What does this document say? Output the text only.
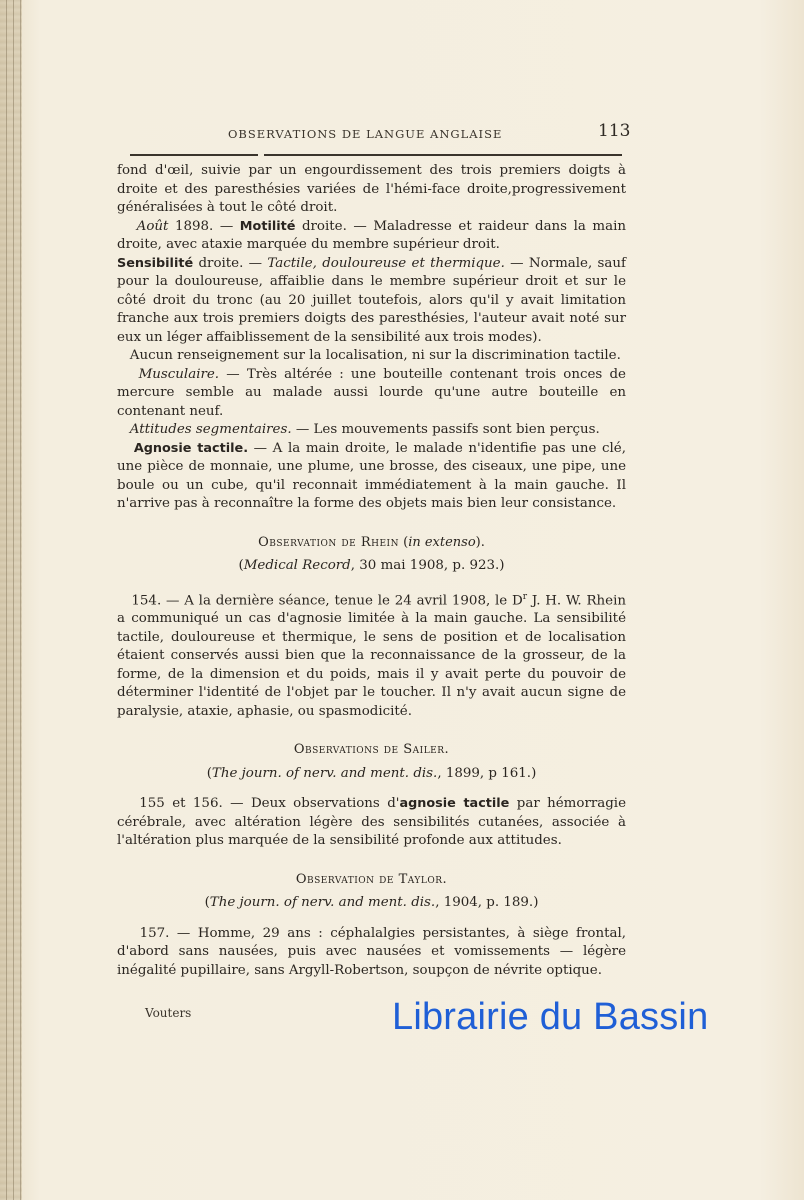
OBSERVATIONS DE LANGUE ANGLAISE	113

fond d'œil, suivie par un engourdissement des trois premiers doigts à droite et des paresthésies variées de l'hémi-face droite,progressivement généralisées à tout le côté droit.

Août 1898. — Motilité droite. — Maladresse et raideur dans la main droite, avec ataxie marquée du membre supérieur droit.

Sensibilité droite. — Tactile, douloureuse et thermique. — Normale, sauf pour la douloureuse, affaiblie dans le membre supérieur droit et sur le côté droit du tronc (au 20 juillet toutefois, alors qu'il y avait limitation franche aux trois premiers doigts des paresthésies, l'auteur avait noté sur eux un léger affaiblissement de la sensibilité aux trois modes).

Aucun renseignement sur la localisation, ni sur la discrimination tactile.

Musculaire. — Très altérée : une bouteille contenant trois onces de mercure semble au malade aussi lourde qu'une autre bouteille en contenant neuf.

Attitudes segmentaires. — Les mouvements passifs sont bien perçus.

Agnosie tactile. — A la main droite, le malade n'identifie pas une clé, une pièce de monnaie, une plume, une brosse, des ciseaux, une pipe, une boule ou un cube, qu'il reconnait immédiatement à la main gauche. Il n'arrive pas à reconnaître la forme des objets mais bien leur consistance.

Observation de Rhein (in extenso).

(Medical Record, 30 mai 1908, p. 923.)

154. — A la dernière séance, tenue le 24 avril 1908, le $D^r$ J. H. W. Rhein a communiqué un cas d'agnosie limitée à la main gauche. La sensibilité tactile, douloureuse et thermique, le sens de position et de localisation étaient conservés aussi bien que la reconnaissance de la grosseur, de la forme, de la dimension et du poids, mais il y avait perte du pouvoir de déterminer l'identité de l'objet par le toucher. Il n'y avait aucun signe de paralysie, ataxie, aphasie, ou spasmodicité.

Observations de Sailer.

(The journ. of nerv. and ment. dis., 1899, p 161.)

155 et 156. — Deux observations d'agnosie tactile par hémorragie cérébrale, avec altération légère des sensibilités cutanées, associée à l'altération plus marquée de la sensibilité profonde aux attitudes.

Observation de Taylor.

(The journ. of nerv. and ment. dis., 1904, p. 189.)

157. — Homme, 29 ans : céphalalgies persistantes, à siège frontal, d'abord sans nausées, puis avec nausées et vomissements — légère inégalité pupillaire, sans Argyll-Robertson, soupçon de névrite optique.

Vouters	Librairie du Bassin
